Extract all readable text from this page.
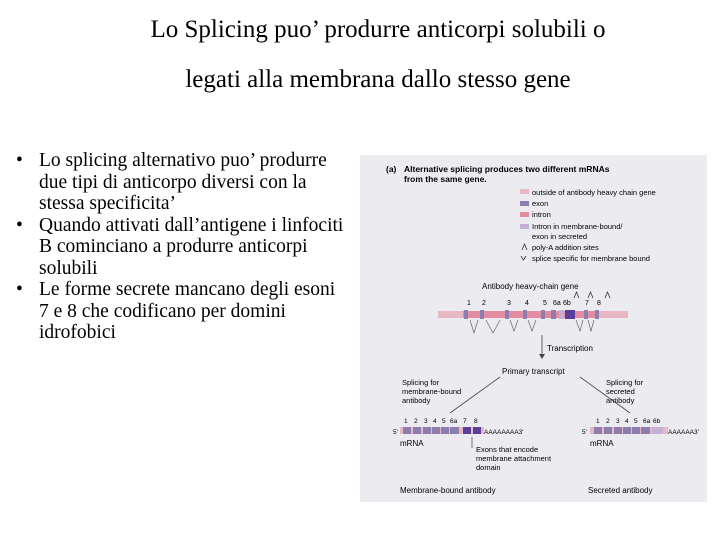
Lo Splicing puo’ produrre anticorpi solubili o
legati alla membrana dallo stesso gene
• Lo splicing alternativo puo’ produrre due tipi di anticorpo diversi con la stessa specificita’
• Quando attivati dall’antigene i linfociti B cominciano a produrre anticorpi solubili
• Le forme secrete mancano degli esoni 7 e 8 che codificano per domini idrofobici
(a) Alternative splicing produces two different mRNAs
from the same gene.
outside of antibody heavy chain gene
exon
intron
Intron in membrane-bound/
exon in secreted
poly-A addition sites
splice specific for membrane bound
Antibody heavy-chain gene
1 2	3 4 5 6a 6b 7 8
Transcription
Primary transcript
Splicing for
membrane-bound
antibody
Splicing for
secreted
antibody
1 2 3 4 5 6a 7 8
5'	AAAAAAAA3'
mRNA
Exons that encode
membrane attachment
domain
1 2 3 4 5 6a 6b
5'	AAAAAA3'
mRNA
Membrane-bound antibody	Secreted antibody
